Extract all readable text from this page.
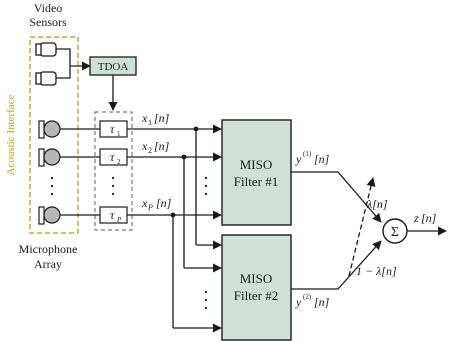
Video
Sensors
Acoustic Interface
TDOA
τ 1
τ 2
τ P
MISO
Filter #1
MISO
Filter #2
x 1 [n]
x 2 [n]
x P [n]
y (1) [n]
y (2) [n]
λ[n]
1 − λ[n]
Σ
z [n]
Microphone
Array
